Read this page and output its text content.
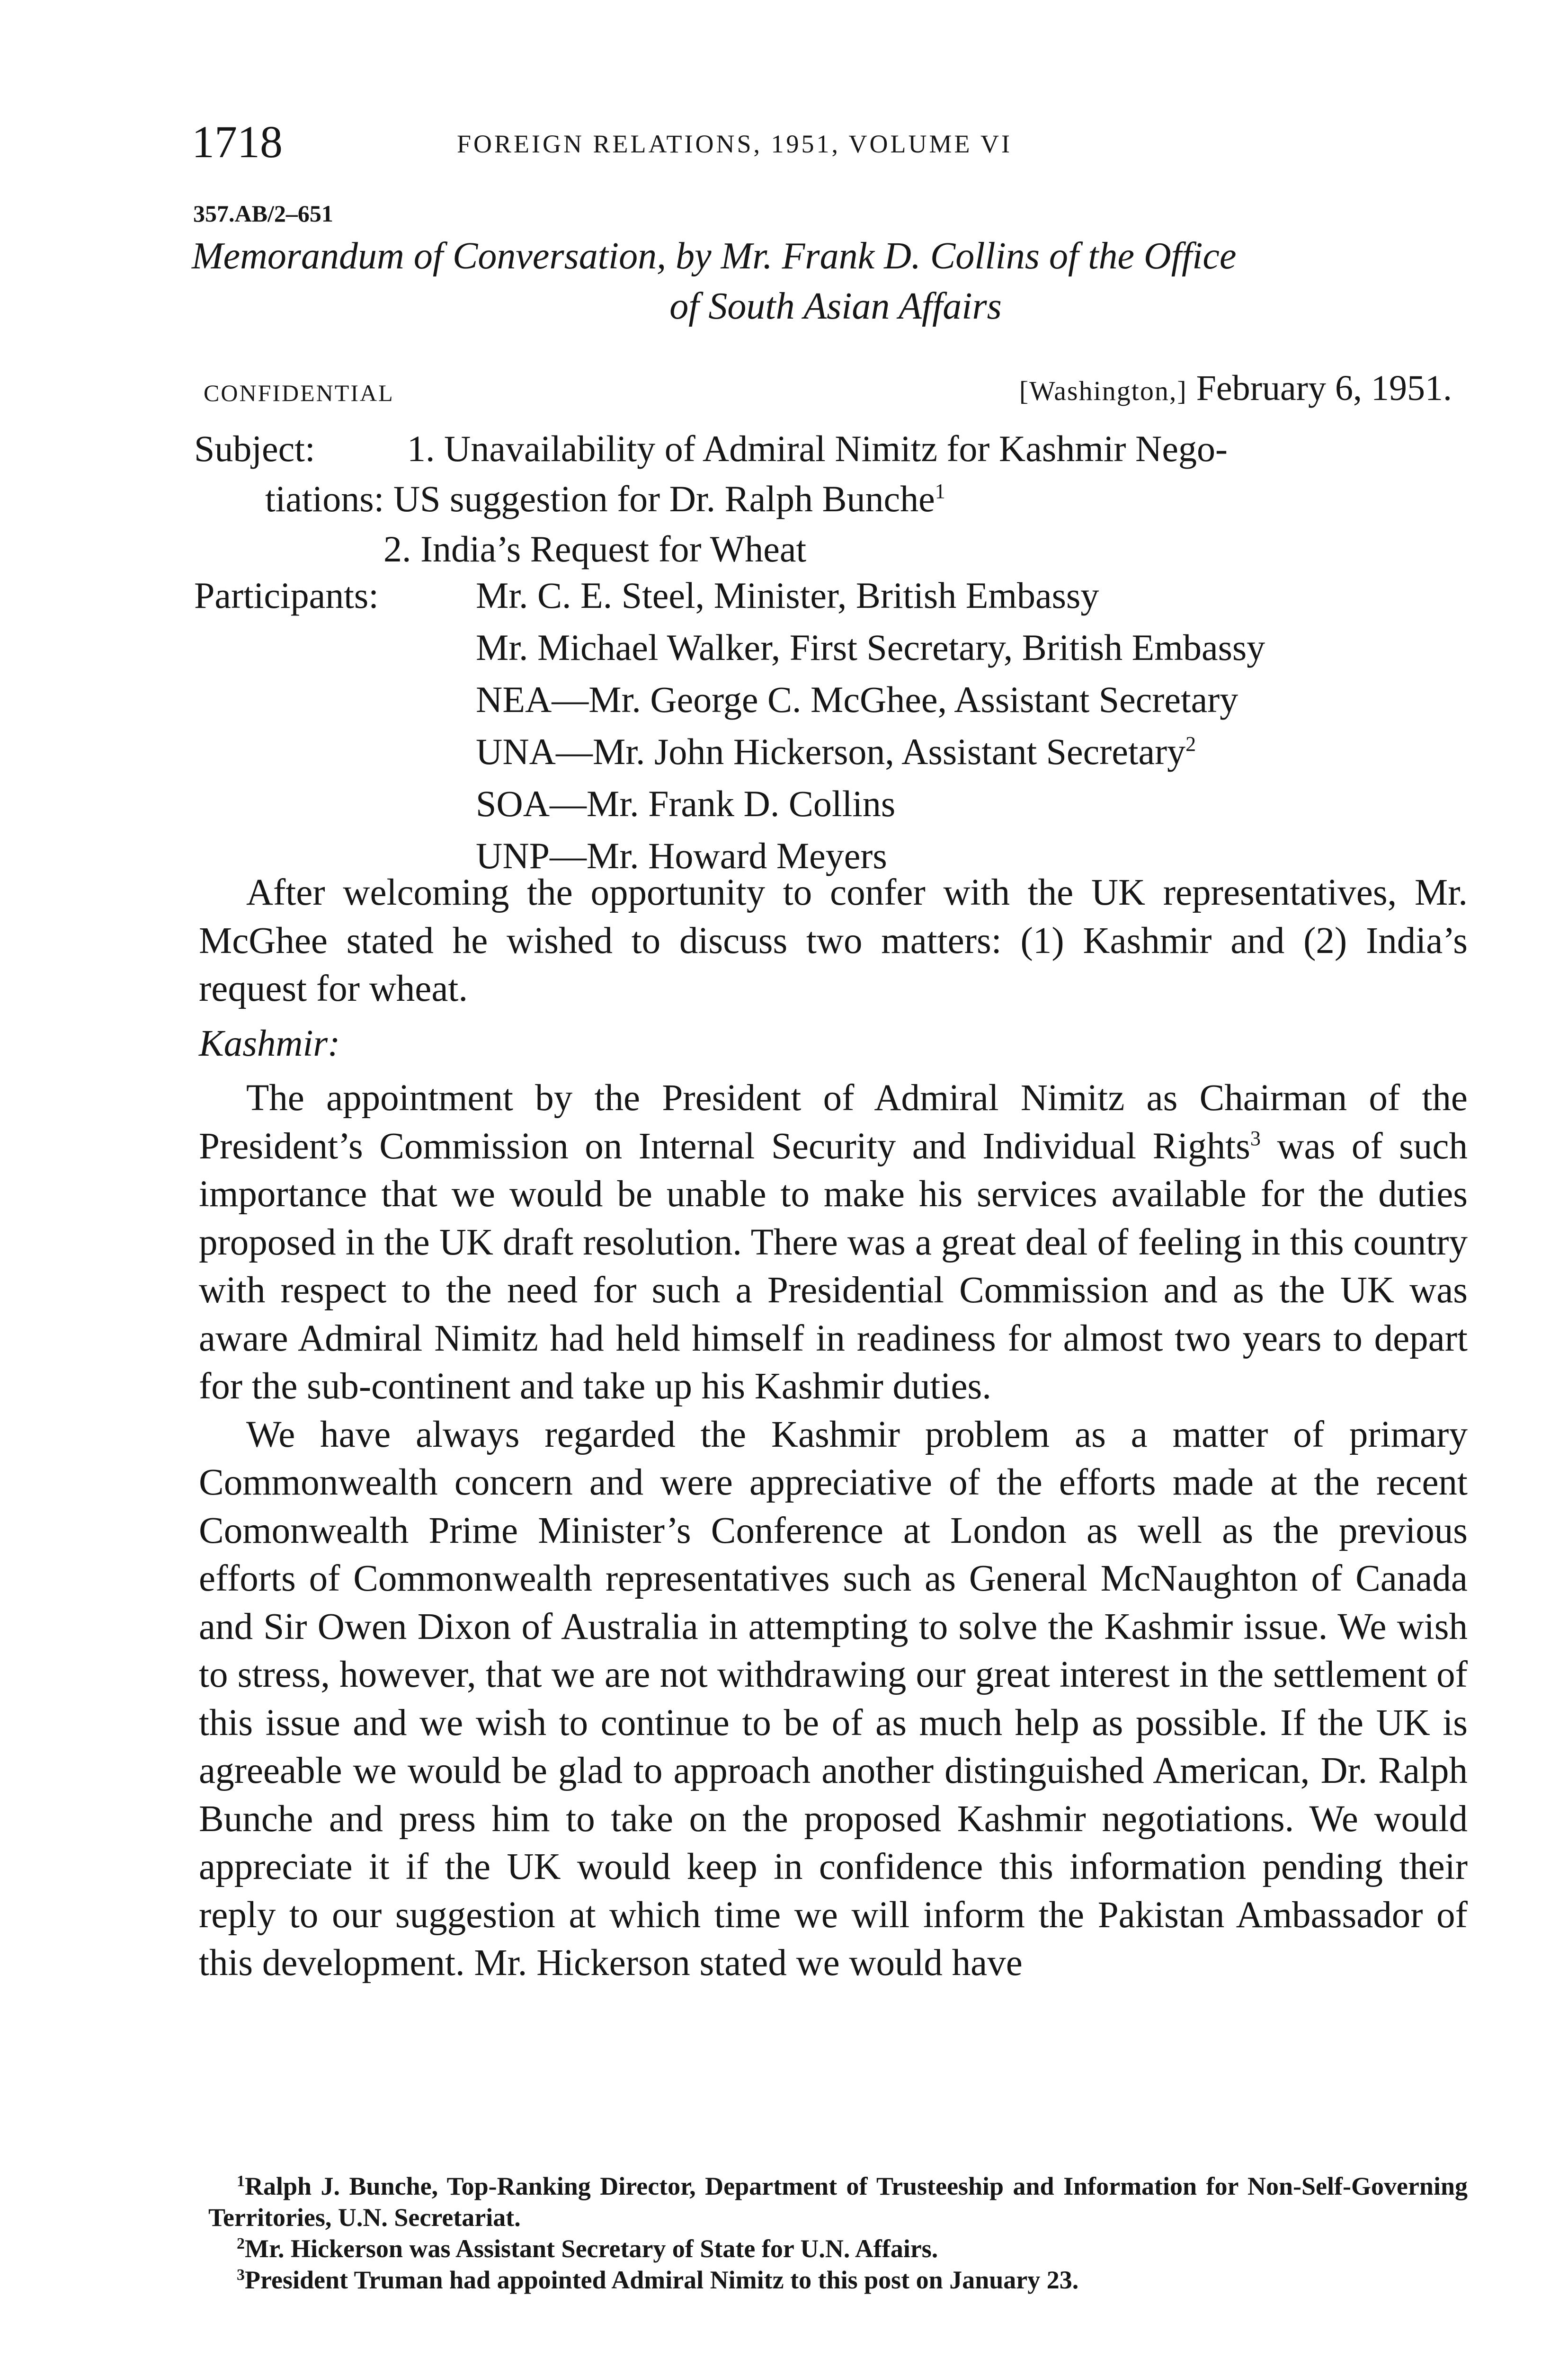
1718	FOREIGN RELATIONS, 1951, VOLUME VI
357.AB/2–651
Memorandum of Conversation, by Mr. Frank D. Collins of the Office
of South Asian Affairs
CONFIDENTIAL	[Washington,] February 6, 1951.
Subject: 1. Unavailability of Admiral Nimitz for Kashmir Nego-
tiations: US suggestion for Dr. Ralph Bunche$^1$
2. India’s Request for Wheat
Participants:	Mr. C. E. Steel, Minister, British Embassy
Mr. Michael Walker, First Secretary, British Embassy
NEA—Mr. George C. McGhee, Assistant Secretary
UNA—Mr. John Hickerson, Assistant Secretary$^2$
SOA—Mr. Frank D. Collins
UNP—Mr. Howard Meyers

After welcoming the opportunity to confer with the UK representatives, Mr. McGhee stated he wished to discuss two matters: (1) Kashmir and (2) India’s request for wheat.

Kashmir:

The appointment by the President of Admiral Nimitz as Chairman of the President’s Commission on Internal Security and Individual Rights$^3$ was of such importance that we would be unable to make his services available for the duties proposed in the UK draft resolution. There was a great deal of feeling in this country with respect to the need for such a Presidential Commission and as the UK was aware Admiral Nimitz had held himself in readiness for almost two years to depart for the sub-continent and take up his Kashmir duties.

We have always regarded the Kashmir problem as a matter of primary Commonwealth concern and were appreciative of the efforts made at the recent Comonwealth Prime Minister’s Conference at London as well as the previous efforts of Commonwealth representatives such as General McNaughton of Canada and Sir Owen Dixon of Australia in attempting to solve the Kashmir issue. We wish to stress, however, that we are not withdrawing our great interest in the settlement of this issue and we wish to continue to be of as much help as possible. If the UK is agreeable we would be glad to approach another distinguished American, Dr. Ralph Bunche and press him to take on the proposed Kashmir negotiations. We would appreciate it if the UK would keep in confidence this information pending their reply to our suggestion at which time we will inform the Pakistan Ambassador of this development. Mr. Hickerson stated we would have

$^1$Ralph J. Bunche, Top-Ranking Director, Department of Trusteeship and Information for Non-Self-Governing Territories, U.N. Secretariat.

$^2$Mr. Hickerson was Assistant Secretary of State for U.N. Affairs.

$^3$President Truman had appointed Admiral Nimitz to this post on January 23.
